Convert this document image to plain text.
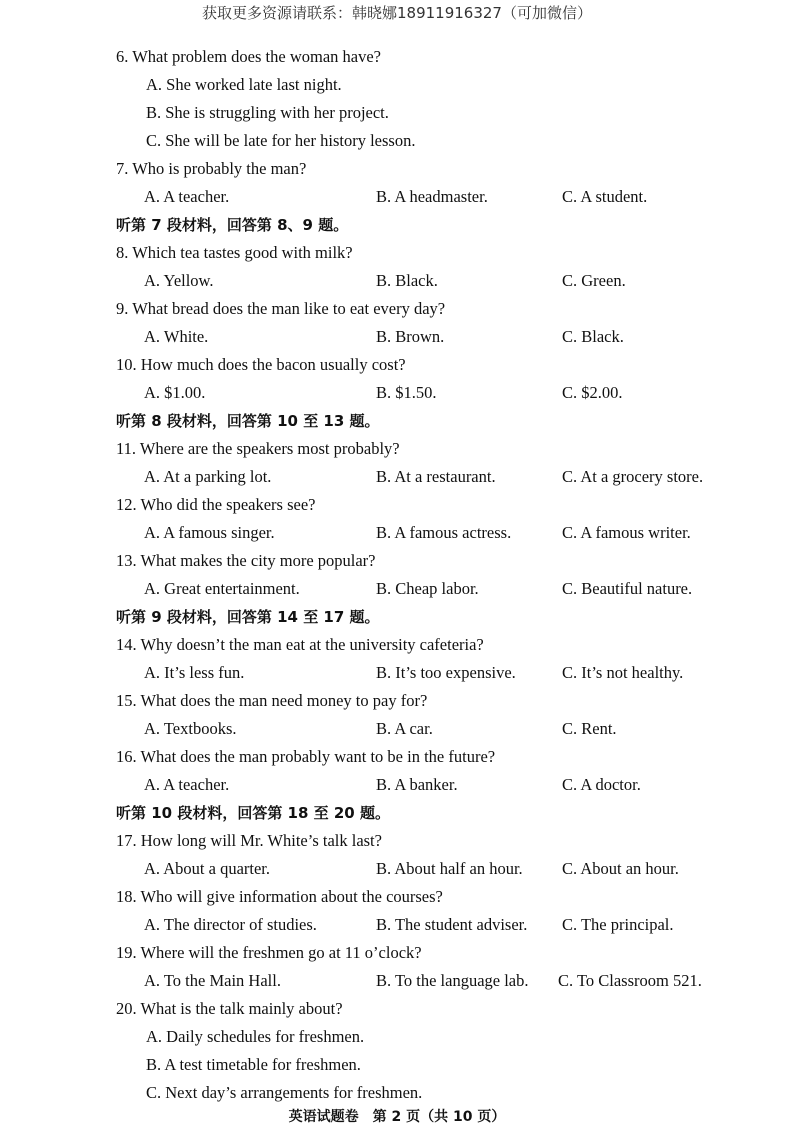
获取更多资源请联系：韩晓娜18911916327（可加微信）
6. What problem does the woman have?
A. She worked late last night.
B. She is struggling with her project.
C. She will be late for her history lesson.
7. Who is probably the man?
A. A teacher.	B. A headmaster.	C. A student.
听第 7 段材料，回答第 8、9 题。
8. Which tea tastes good with milk?
A. Yellow.	B. Black.	C. Green.
9. What bread does the man like to eat every day?
A. White.	B. Brown.	C. Black.
10. How much does the bacon usually cost?
A. $1.00.	B. $1.50.	C. $2.00.
听第 8 段材料，回答第 10 至 13 题。
11. Where are the speakers most probably?
A. At a parking lot.	B. At a restaurant.	C. At a grocery store.
12. Who did the speakers see?
A. A famous singer.	B. A famous actress.	C. A famous writer.
13. What makes the city more popular?
A. Great entertainment.	B. Cheap labor.	C. Beautiful nature.
听第 9 段材料，回答第 14 至 17 题。
14. Why doesn’t the man eat at the university cafeteria?
A. It’s less fun.	B. It’s too expensive.	C. It’s not healthy.
15. What does the man need money to pay for?
A. Textbooks.	B. A car.	C. Rent.
16. What does the man probably want to be in the future?
A. A teacher.	B. A banker.	C. A doctor.
听第 10 段材料，回答第 18 至 20 题。
17. How long will Mr. White’s talk last?
A. About a quarter.	B. About half an hour. C. About an hour.
18. Who will give information about the courses?
A. The director of studies.	B. The student adviser. C. The principal.
19. Where will the freshmen go at 11 o’clock?
A. To the Main Hall.	B. To the language lab. C. To Classroom 521.
20. What is the talk mainly about?
A. Daily schedules for freshmen.
B. A test timetable for freshmen.
C. Next day’s arrangements for freshmen.
英语试题卷　第 2 页（共 10 页）
